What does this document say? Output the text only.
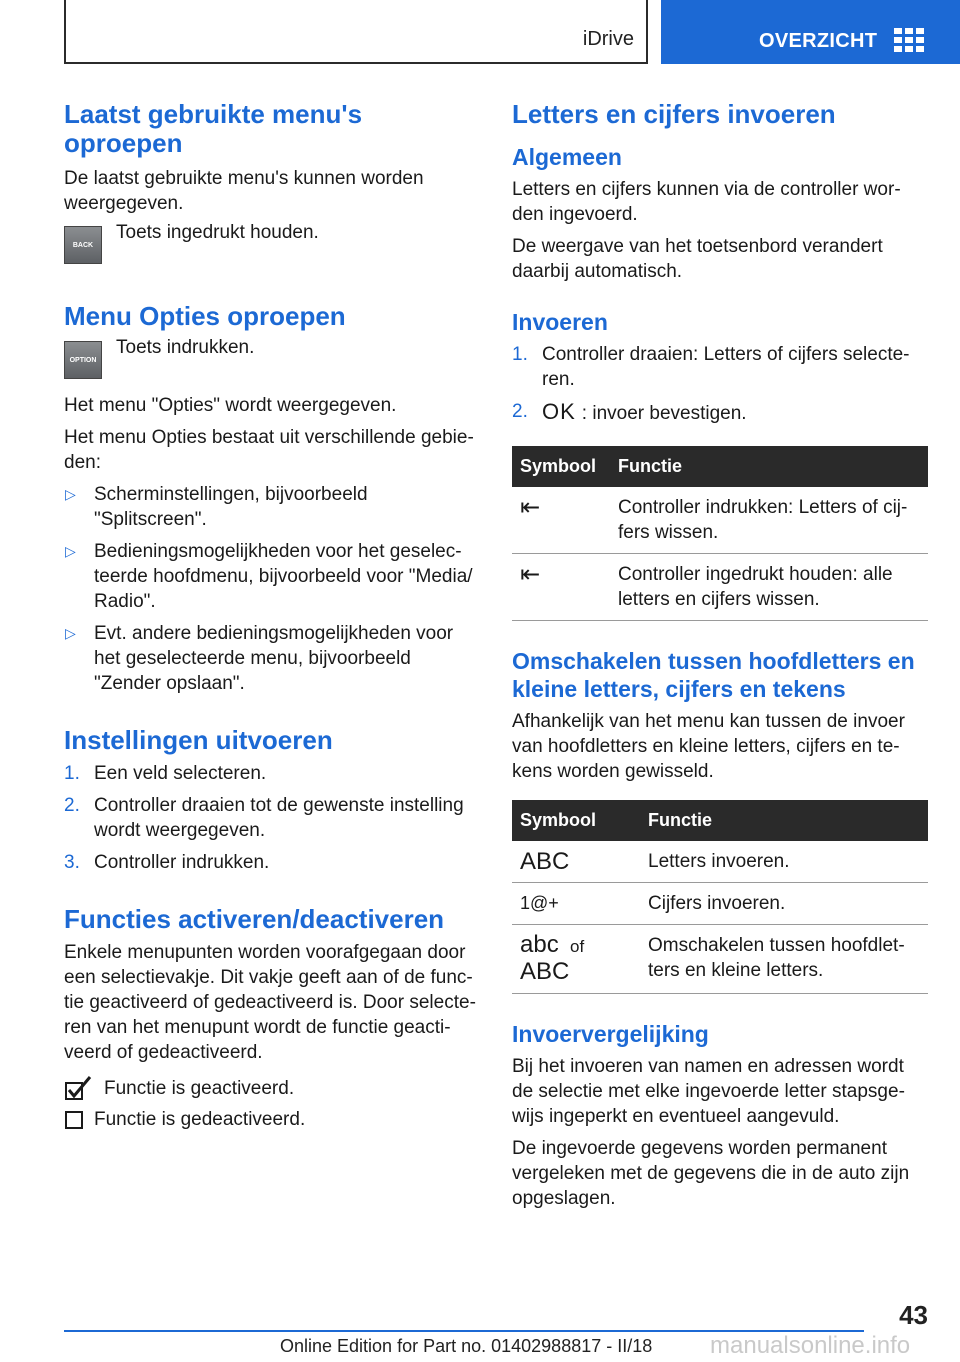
iDrive	OVERZICHT
Laatst gebruikte menu's oproepen

De laatst gebruikte menu's kunnen worden weergegeven.

BACK

Toets ingedrukt houden.

Menu Opties oproepen
OPTION

Toets indrukken.

Het menu "Opties" wordt weergegeven.

Het menu Opties bestaat uit verschillende gebieden:

▷ Scherminstellingen, bijvoorbeeld "Splitscreen".
▷ Bedieningsmogelijkheden voor het geselecteerde hoofdmenu, bijvoorbeeld voor "Media/ Radio".
▷ Evt. andere bedieningsmogelijkheden voor het geselecteerde menu, bijvoorbeeld "Zender opslaan".
Instellingen uitvoeren
1. Een veld selecteren.
2. Controller draaien tot de gewenste instelling wordt weergegeven.
3. Controller indrukken.
Functies activeren/deactiveren

Enkele menupunten worden voorafgegaan door een selectievakje. Dit vakje geeft aan of de functie geactiveerd of gedeactiveerd is. Door selecteren van het menupunt wordt de functie geactiveerd of gedeactiveerd.

Functie is geactiveerd.

Functie is gedeactiveerd.

Letters en cijfers invoeren
Algemeen

Letters en cijfers kunnen via de controller worden ingevoerd.

De weergave van het toetsenbord verandert daarbij automatisch.

Invoeren
1. Controller draaien: Letters of cijfers selecteren.
2. OK : invoer bevestigen.
Symbool	Functie
⇤	Controller indrukken: Letters of cijfers wissen.
⇤	Controller ingedrukt houden: alle letters en cijfers wissen.
Omschakelen tussen hoofdletters en kleine letters, cijfers en tekens

Afhankelijk van het menu kan tussen de invoer van hoofdletters en kleine letters, cijfers en tekens worden gewisseld.

Symbool	Functie
ABC	Letters invoeren.
1@+	Cijfers invoeren.

abc of
ABC	Omschakelen tussen hoofdletters en kleine letters.
Invoervergelijking

Bij het invoeren van namen en adressen wordt de selectie met elke ingevoerde letter stapsgewijs ingeperkt en eventueel aangevuld.

De ingevoerde gegevens worden permanent vergeleken met de gegevens die in de auto zijn opgeslagen.

43
Online Edition for Part no. 01402988817 - II/18 manualsonline.info
